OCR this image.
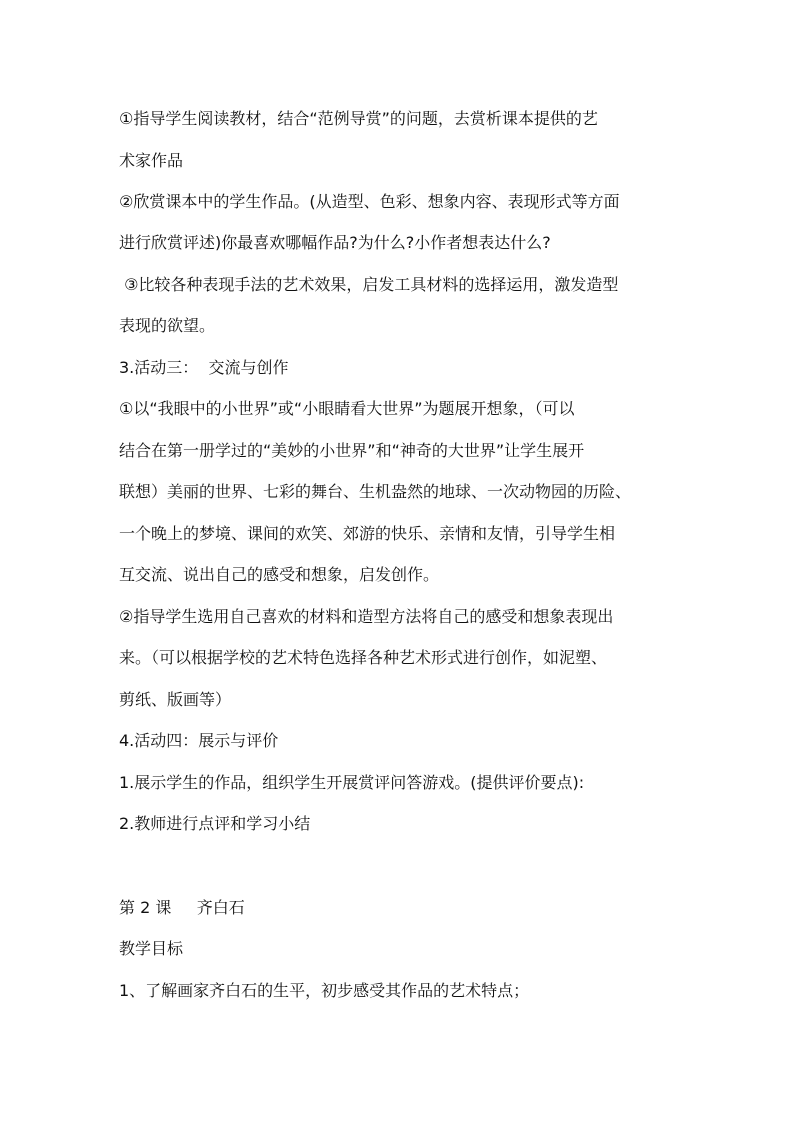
①指导学生阅读教材，结合“范例导赏”的问题，去赏析课本提供的艺
术家作品
②欣赏课本中的学生作品。(从造型、色彩、想象内容、表现形式等方面
进行欣赏评述)你最喜欢哪幅作品?为什么?小作者想表达什么?
③比较各种表现手法的艺术效果，启发工具材料的选择运用，激发造型
表现的欲望。
3.活动三：  交流与创作
①以“我眼中的小世界”或“小眼睛看大世界”为题展开想象，（可以
结合在第一册学过的“美妙的小世界”和“神奇的大世界”让学生展开
联想）美丽的世界、七彩的舞台、生机盎然的地球、一次动物园的历险、
一个晚上的梦境、课间的欢笑、郊游的快乐、亲情和友情，引导学生相
互交流、说出自己的感受和想象，启发创作。
②指导学生选用自己喜欢的材料和造型方法将自己的感受和想象表现出
来。（可以根据学校的艺术特色选择各种艺术形式进行创作，如泥塑、
剪纸、版画等）
4.活动四：展示与评价
1.展示学生的作品，组织学生开展赏评问答游戏。(提供评价要点):
2.教师进行点评和学习小结
第 2 课     齐白石
教学目标
1、了解画家齐白石的生平，初步感受其作品的艺术特点；
